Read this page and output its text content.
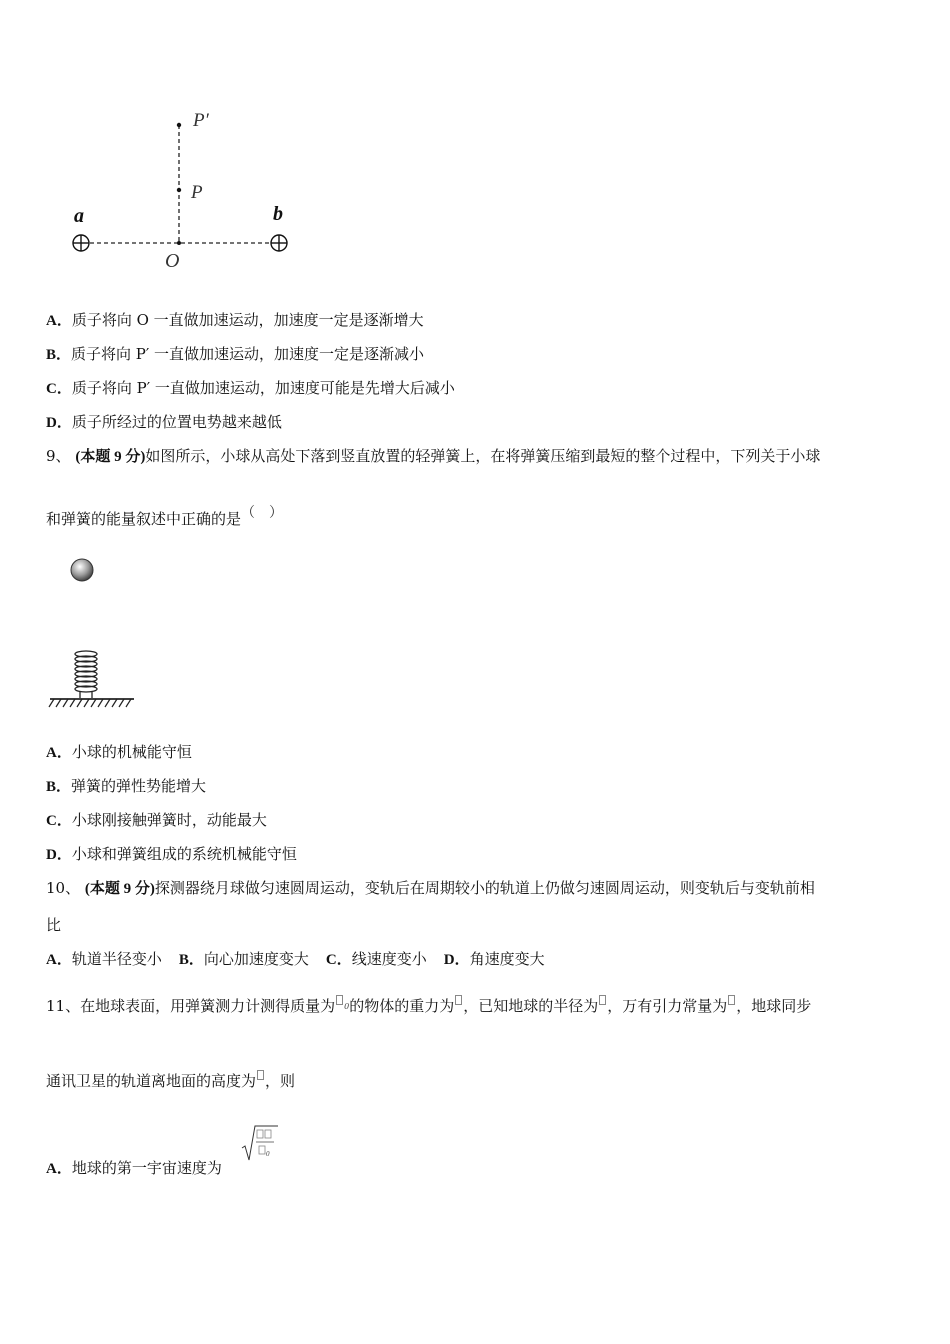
P′
P
a	b
O
A．质子将向 O 一直做加速运动，加速度一定是逐渐增大
B．质子将向 P′ 一直做加速运动，加速度一定是逐渐减小
C．质子将向 P′ 一直做加速运动，加速度可能是先增大后减小
D．质子所经过的位置电势越来越低
9、 (本题 9 分)如图所示，小球从高处下落到竖直放置的轻弹簧上，在将弹簧压缩到最短的整个过程中，下列关于小球
和弹簧的能量叙述中正确的是（ ）
A．小球的机械能守恒
B．弹簧的弹性势能增大
C．小球刚接触弹簧时，动能最大
D．小球和弹簧组成的系统机械能守恒
10、 (本题 9 分)探测器绕月球做匀速圆周运动，变轨后在周期较小的轨道上仍做匀速圆周运动，则变轨后与变轨前相
比
A．轨道半径变小 B．向心加速度变大 C．线速度变小 D．角速度变大
11、在地球表面，用弹簧测力计测得质量为 $^0$的物体的重力为 ，已知地球的半径为 ，万有引力常量为 ，地球同步
通讯卫星的轨道离地面的高度为 ，则
A．地球的第一宇宙速度为
0
